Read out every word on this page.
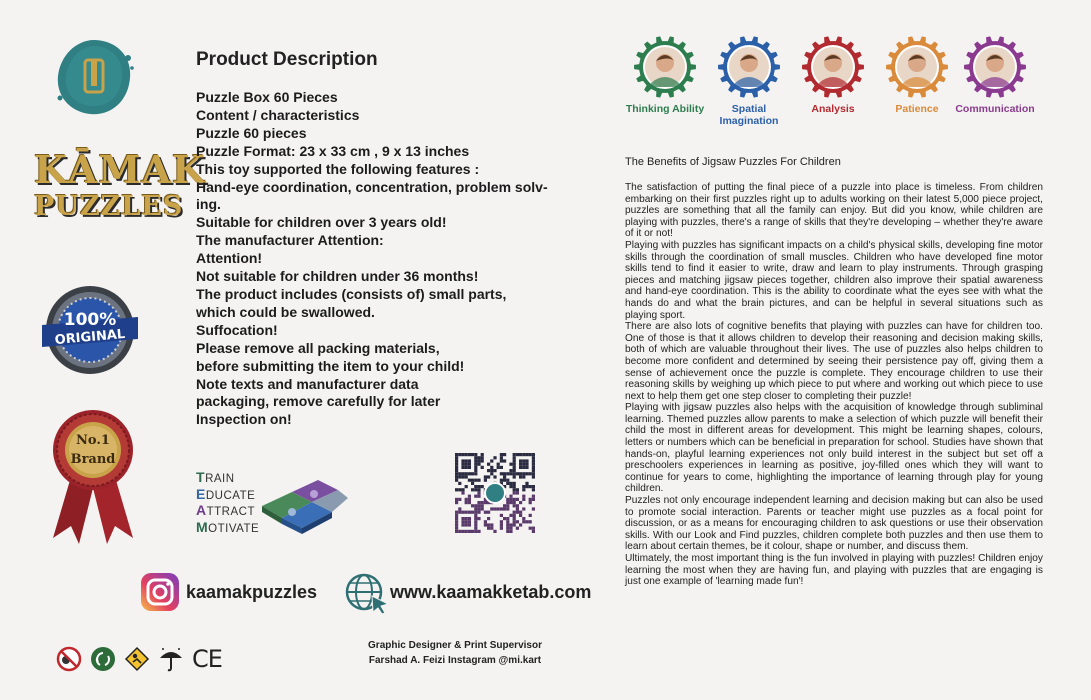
KĀMAK
PUZZLES
100%
ORIGINAL
No.1
Brand
Product Description
Puzzle Box 60 Pieces
Content / characteristics
Puzzle 60 pieces
Puzzle Format: 23 x 33 cm , 9 x 13 inches
This toy supported the following features :
Hand-eye coordination, concentration, problem solv-
ing.
Suitable for children over 3 years old!
The manufacturer Attention:
Attention!
Not suitable for children under 36 months!
The product includes (consists of) small parts,
which could be swallowed.
Suffocation!
Please remove all packing materials,
before submitting the item to your child!
Note texts and manufacturer data
packaging, remove carefully for later
Inspection on!
TRAIN
EDUCATE
ATTRACT
MOTIVATE
kaamakpuzzles	www.kaamakketab.com
CE	Graphic Designer & Print Supervisor
Farshad A. Feizi Instagram @mi.kart
Thinking Ability	Spatial Imagination
Analysis	Patience	Communication
The Benefits of Jigsaw Puzzles For Children

The satisfaction of putting the final piece of a puzzle into place is timeless. From children embarking on their first puzzles right up to adults working on their latest 5,000 piece project, puzzles are something that all the family can enjoy. But did you know, while children are playing with puzzles, there's a range of skills that they're developing – whether they're aware of it or not!

Playing with puzzles has significant impacts on a child's physical skills, developing fine motor skills through the coordination of small muscles. Children who have developed fine motor skills tend to find it easier to write, draw and learn to play instruments. Through grasping pieces and matching jigsaw pieces together, children also improve their spatial awareness and hand-eye coordination. This is the ability to coordinate what the eyes see with what the hands do and what the brain pictures, and can be helpful in several situations such as playing sport.

There are also lots of cognitive benefits that playing with puzzles can have for children too. One of those is that it allows children to develop their reasoning and decision making skills, both of which are valuable throughout their lives. The use of puzzles also helps children to become more confident and determined by seeing their persistence pay off, giving them a sense of achievement once the puzzle is complete. They encourage children to use their reasoning skills by weighing up which piece to put where and working out which piece to use next to help them get one step closer to completing their puzzle!

Playing with jigsaw puzzles also helps with the acquisition of knowledge through subliminal learning. Themed puzzles allow parents to make a selection of which puzzle will benefit their child the most in different areas for development. This might be learning shapes, colours, letters or numbers which can be beneficial in preparation for school. Studies have shown that hands-on, playful learning experiences not only build interest in the subject but set off a preschoolers experiences in learning as positive, joy-filled ones which they will want to continue for years to come, highlighting the importance of learning through play for young children.

Puzzles not only encourage independent learning and decision making but can also be used to promote social interaction. Parents or teacher might use puzzles as a focal point for discussion, or as a means for encouraging children to ask questions or use their observation skills. With our Look and Find puzzles, children complete both puzzles and then use them to learn about certain themes, be it colour, shape or number, and discuss them.

Ultimately, the most important thing is the fun involved in playing with puzzles! Children enjoy learning the most when they are having fun, and playing with puzzles that are engaging is just one example of 'learning made fun'!
